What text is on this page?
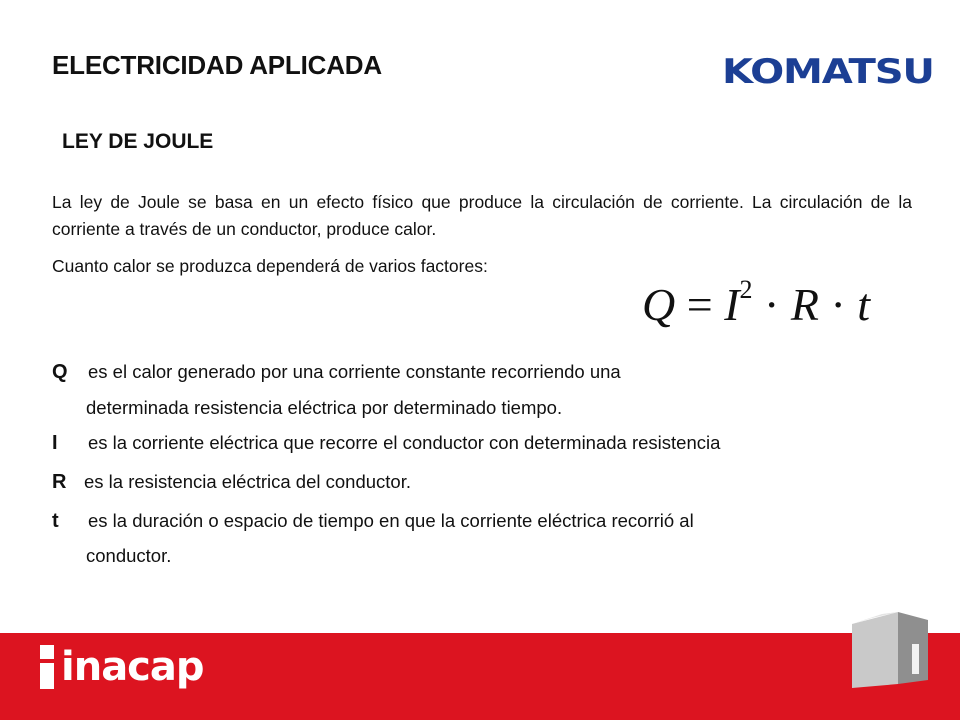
ELECTRICIDAD APLICADA	KOMATSU
LEY DE JOULE
La ley de Joule se basa en un efecto físico que produce la circulación de corriente. La circulación de la corriente a través de un conductor, produce calor.
Cuanto calor se produzca dependerá de varios factores:
$Q = I^2 \cdot R \cdot t$
Q es el calor generado por una corriente constante recorriendo una
determinada resistencia eléctrica por determinado tiempo.
I es la corriente eléctrica que recorre el conductor con determinada resistencia
R es la resistencia eléctrica del conductor.
t es la duración o espacio de tiempo en que la corriente eléctrica recorrió al
conductor.
inacap
